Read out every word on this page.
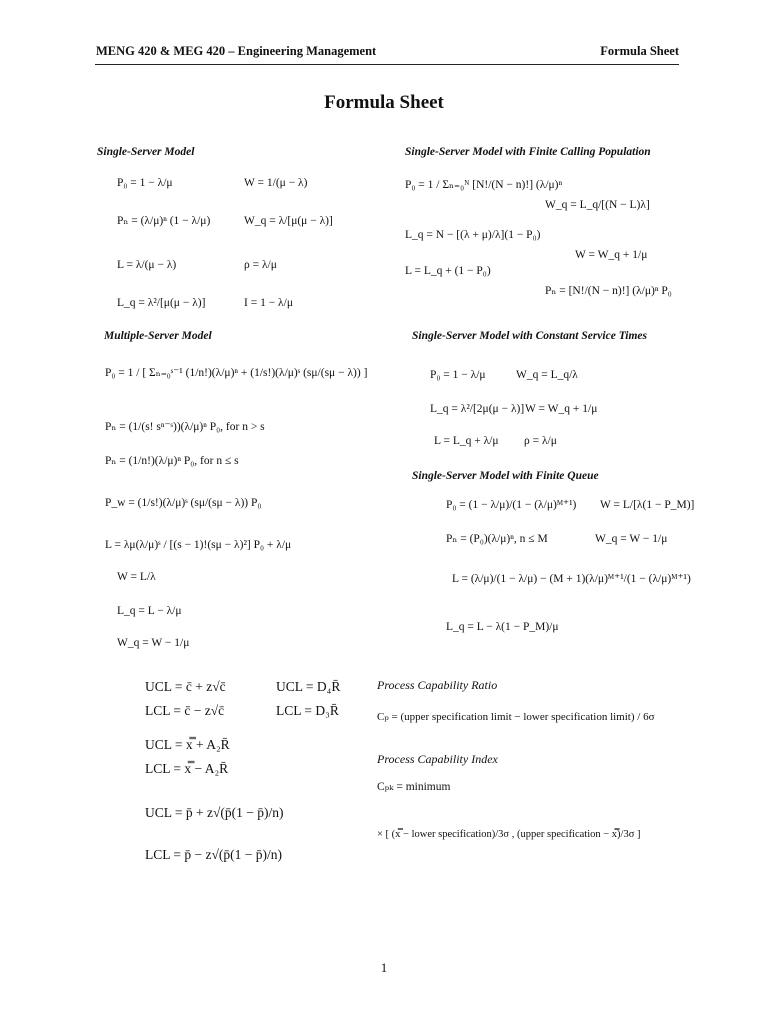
MENG 420 & MEG 420 – Engineering Management	Formula Sheet
Formula Sheet
Single-Server Model
P₀ = 1 − λ/μ	W = 1/(μ − λ)
Pₙ = (λ/μ)ⁿ (1 − λ/μ)	W_q = λ/[μ(μ − λ)]
L = λ/(μ − λ)	ρ = λ/μ
L_q = λ²/[μ(μ − λ)]	I = 1 − λ/μ
Single-Server Model with Finite Calling Population
P₀ = 1 / Σₙ₌₀ᴺ [N!/(N − n)!] (λ/μ)ⁿ
W_q = L_q/[(N − L)λ]
L_q = N − [(λ + μ)/λ](1 − P₀)
W = W_q + 1/μ
L = L_q + (1 − P₀)
Pₙ = [N!/(N − n)!] (λ/μ)ⁿ P₀
Multiple-Server Model
P₀ = 1 / [ Σₙ₌₀ˢ⁻¹ (1/n!)(λ/μ)ⁿ + (1/s!)(λ/μ)ˢ (sμ/(sμ − λ)) ]
Pₙ = (1/(s! sⁿ⁻ˢ))(λ/μ)ⁿ P₀, for n > s
Pₙ = (1/n!)(λ/μ)ⁿ P₀, for n ≤ s
P_w = (1/s!)(λ/μ)ˢ (sμ/(sμ − λ)) P₀
L = λμ(λ/μ)ˢ / [(s − 1)!(sμ − λ)²] P₀ + λ/μ
W = L/λ
L_q = L − λ/μ
W_q = W − 1/μ
Single-Server Model with Constant Service Times
P₀ = 1 − λ/μ	W_q = L_q/λ
L_q = λ²/[2μ(μ − λ)] W = W_q + 1/μ
L = L_q + λ/μ ρ = λ/μ
Single-Server Model with Finite Queue
P₀ = (1 − λ/μ)/(1 − (λ/μ)ᴹ⁺¹) W = L/[λ(1 − P_M)]
Pₙ = (P₀)(λ/μ)ⁿ, n ≤ M	W_q = W − 1/μ
L = (λ/μ)/(1 − λ/μ) − (M + 1)(λ/μ)ᴹ⁺¹/(1 − (λ/μ)ᴹ⁺¹)
L_q = L − λ(1 − P_M)/μ
UCL = c̄ + z√c̄	UCL = D₄R̄
LCL = c̄ − z√c̄	LCL = D₃R̄
UCL = x̿ + A₂R̄
LCL = x̿ − A₂R̄
UCL = p̄ + z√(p̄(1 − p̄)/n)
LCL = p̄ − z√(p̄(1 − p̄)/n)
Process Capability Ratio
Cₚ = (upper specification limit − lower specification limit) / 6σ
Process Capability Index
Cₚₖ = minimum
× [ (x̿ − lower specification)/3σ , (upper specification − x̿)/3σ ]
1
